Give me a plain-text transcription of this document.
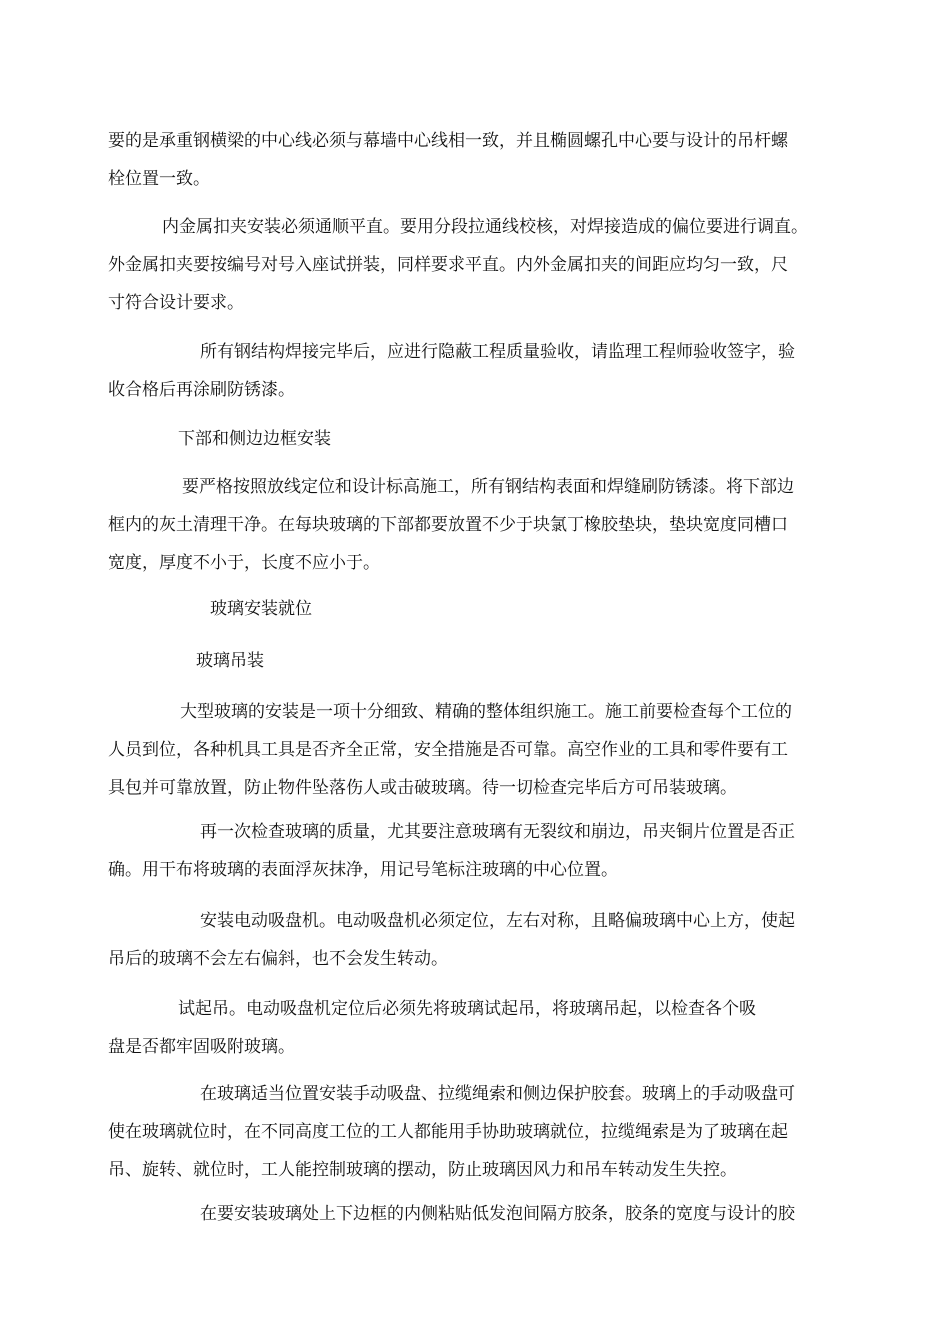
要的是承重钢横梁的中心线必须与幕墙中心线相一致，并且椭圆螺孔中心要与设计的吊杆螺
栓位置一致。

内金属扣夹安装必须通顺平直。要用分段拉通线校核，对焊接造成的偏位要进行调直。
外金属扣夹要按编号对号入座试拼装，同样要求平直。内外金属扣夹的间距应均匀一致，尺
寸符合设计要求。

所有钢结构焊接完毕后，应进行隐蔽工程质量验收，请监理工程师验收签字，验
收合格后再涂刷防锈漆。

下部和侧边边框安装

要严格按照放线定位和设计标高施工，所有钢结构表面和焊缝刷防锈漆。将下部边
框内的灰土清理干净。在每块玻璃的下部都要放置不少于块氯丁橡胶垫块，垫块宽度同槽口
宽度，厚度不小于，长度不应小于。

玻璃安装就位

玻璃吊装

大型玻璃的安装是一项十分细致、精确的整体组织施工。施工前要检查每个工位的
人员到位，各种机具工具是否齐全正常，安全措施是否可靠。高空作业的工具和零件要有工
具包并可靠放置，防止物件坠落伤人或击破玻璃。待一切检查完毕后方可吊装玻璃。

再一次检查玻璃的质量，尤其要注意玻璃有无裂纹和崩边，吊夹铜片位置是否正
确。用干布将玻璃的表面浮灰抹净，用记号笔标注玻璃的中心位置。

安装电动吸盘机。电动吸盘机必须定位，左右对称，且略偏玻璃中心上方，使起
吊后的玻璃不会左右偏斜，也不会发生转动。

试起吊。电动吸盘机定位后必须先将玻璃试起吊，将玻璃吊起，以检查各个吸
盘是否都牢固吸附玻璃。

在玻璃适当位置安装手动吸盘、拉缆绳索和侧边保护胶套。玻璃上的手动吸盘可
使在玻璃就位时，在不同高度工位的工人都能用手协助玻璃就位，拉缆绳索是为了玻璃在起
吊、旋转、就位时，工人能控制玻璃的摆动，防止玻璃因风力和吊车转动发生失控。

在要安装玻璃处上下边框的内侧粘贴低发泡间隔方胶条，胶条的宽度与设计的胶
